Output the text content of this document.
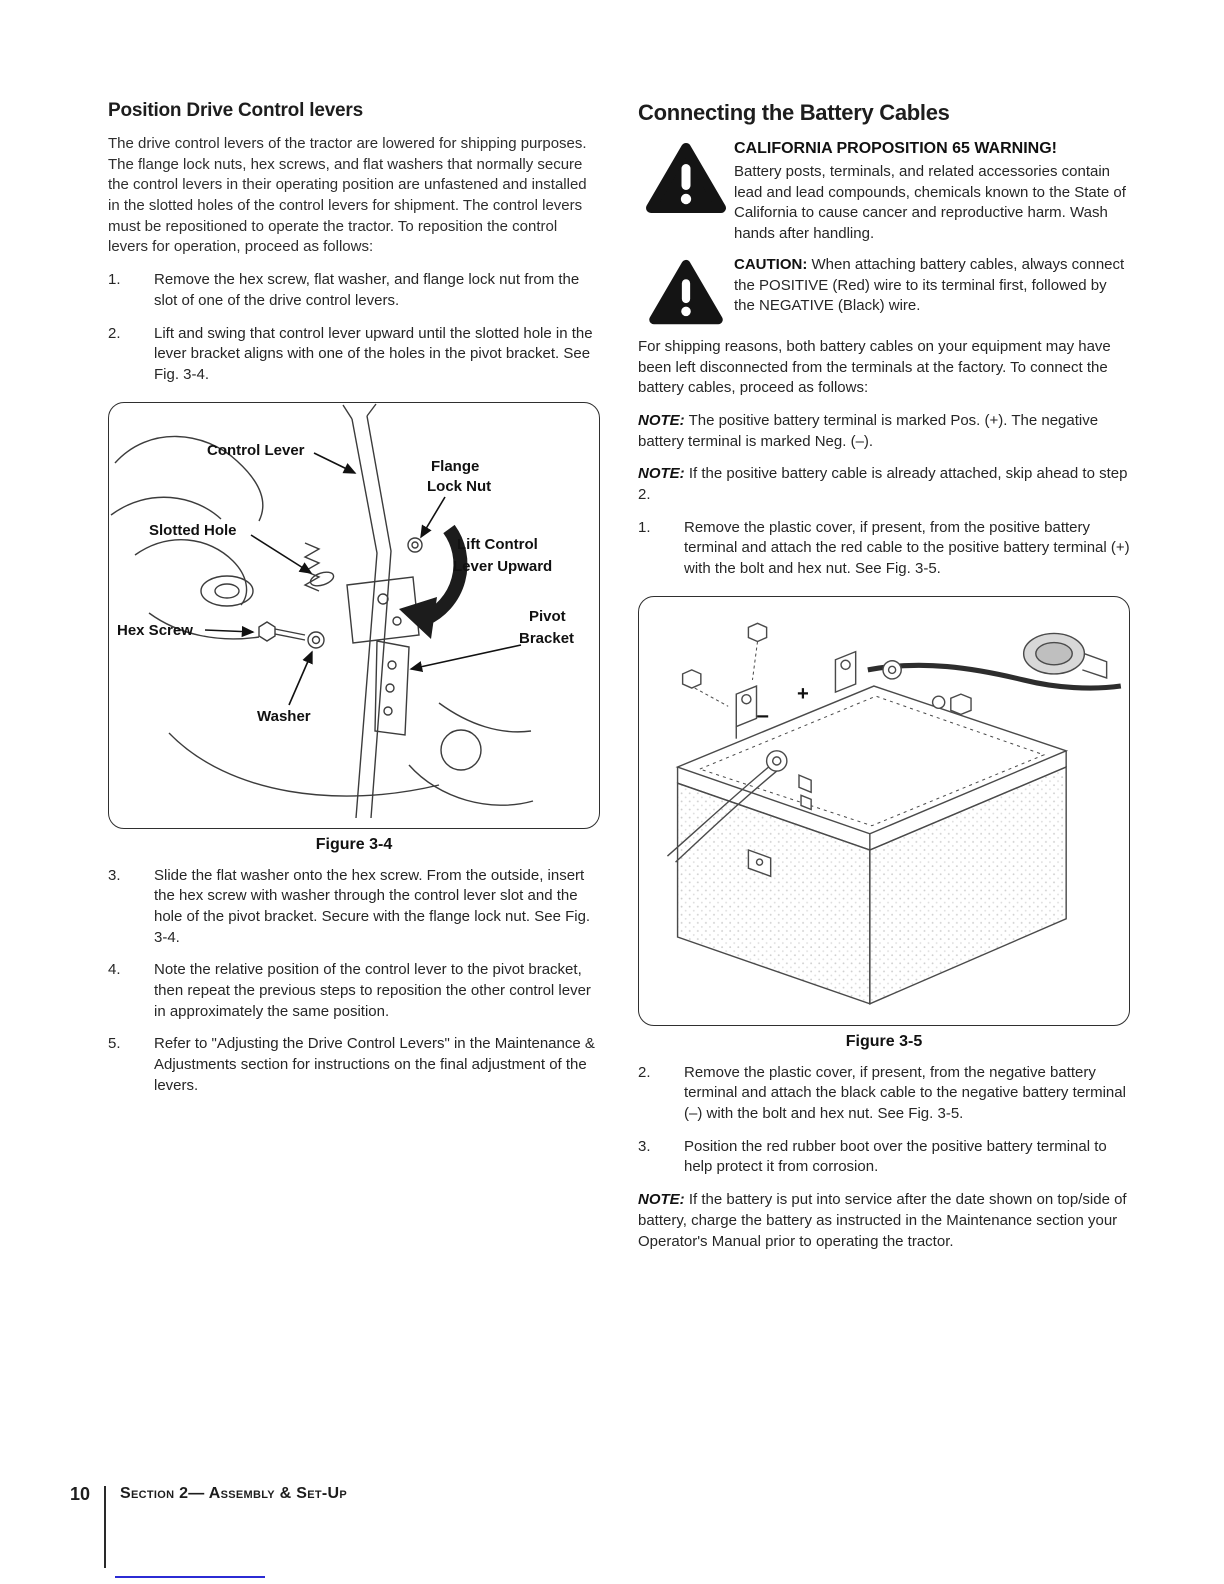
Position Drive Control levers
The drive control levers of the tractor are lowered for shipping purposes. The flange lock nuts, hex screws, and flat washers that normally secure the control levers in their operating position are unfastened and installed in the slotted holes of the control levers for shipment. The control levers must be repositioned to operate the tractor. To reposition the control levers for operation, proceed as follows:
1.	Remove the hex screw, flat washer, and flange lock nut from the slot of one of the drive control levers.
2.	Lift and swing that control lever upward until the slotted hole in the lever bracket aligns with one of the holes in the pivot bracket. See Fig. 3-4.
Control Lever
Flange
Lock Nut
Slotted Hole
Lift Control
Lever Upward
Hex Screw
Pivot
Bracket
Washer
Figure 3-4
3.	Slide the flat washer onto the hex screw. From the outside, insert the hex screw with washer through the control lever slot and the hole of the pivot bracket. Secure with the flange lock nut. See Fig. 3-4.
4.	Note the relative position of the control lever to the pivot bracket, then repeat the previous steps to reposition the other control lever in approximately the same position.
5.	Refer to "Adjusting the Drive Control Levers" in the Maintenance & Adjustments section for instructions on the final adjustment of the levers.
Connecting the Battery Cables
CALIFORNIA PROPOSITION 65 WARNING!
Battery posts, terminals, and related accessories contain lead and lead compounds, chemicals known to the State of California to cause cancer and reproductive harm. Wash hands after handling.
CAUTION: When attaching battery cables, always connect the POSITIVE (Red) wire to its terminal first, followed by the NEGATIVE (Black) wire.
For shipping reasons, both battery cables on your equipment may have been left disconnected from the terminals at the factory. To connect the battery cables, proceed as follows:
NOTE: The positive battery terminal is marked Pos. (+). The negative battery terminal is marked Neg. (–).
NOTE: If the positive battery cable is already attached, skip ahead to step 2.
1.	Remove the plastic cover, if present, from the positive battery terminal and attach the red cable to the positive battery terminal (+) with the bolt and hex nut. See Fig. 3-5.
+
–
Figure 3-5
2.	Remove the plastic cover, if present, from the negative battery terminal and attach the black cable to the negative battery terminal (–) with the bolt and hex nut. See Fig. 3-5.
3.	Position the red rubber boot over the positive battery terminal to help protect it from corrosion.
NOTE: If the battery is put into service after the date shown on top/side of battery, charge the battery as instructed in the Maintenance section your Operator's Manual prior to operating the tractor.
10 Section 2— Assembly & Set-Up
